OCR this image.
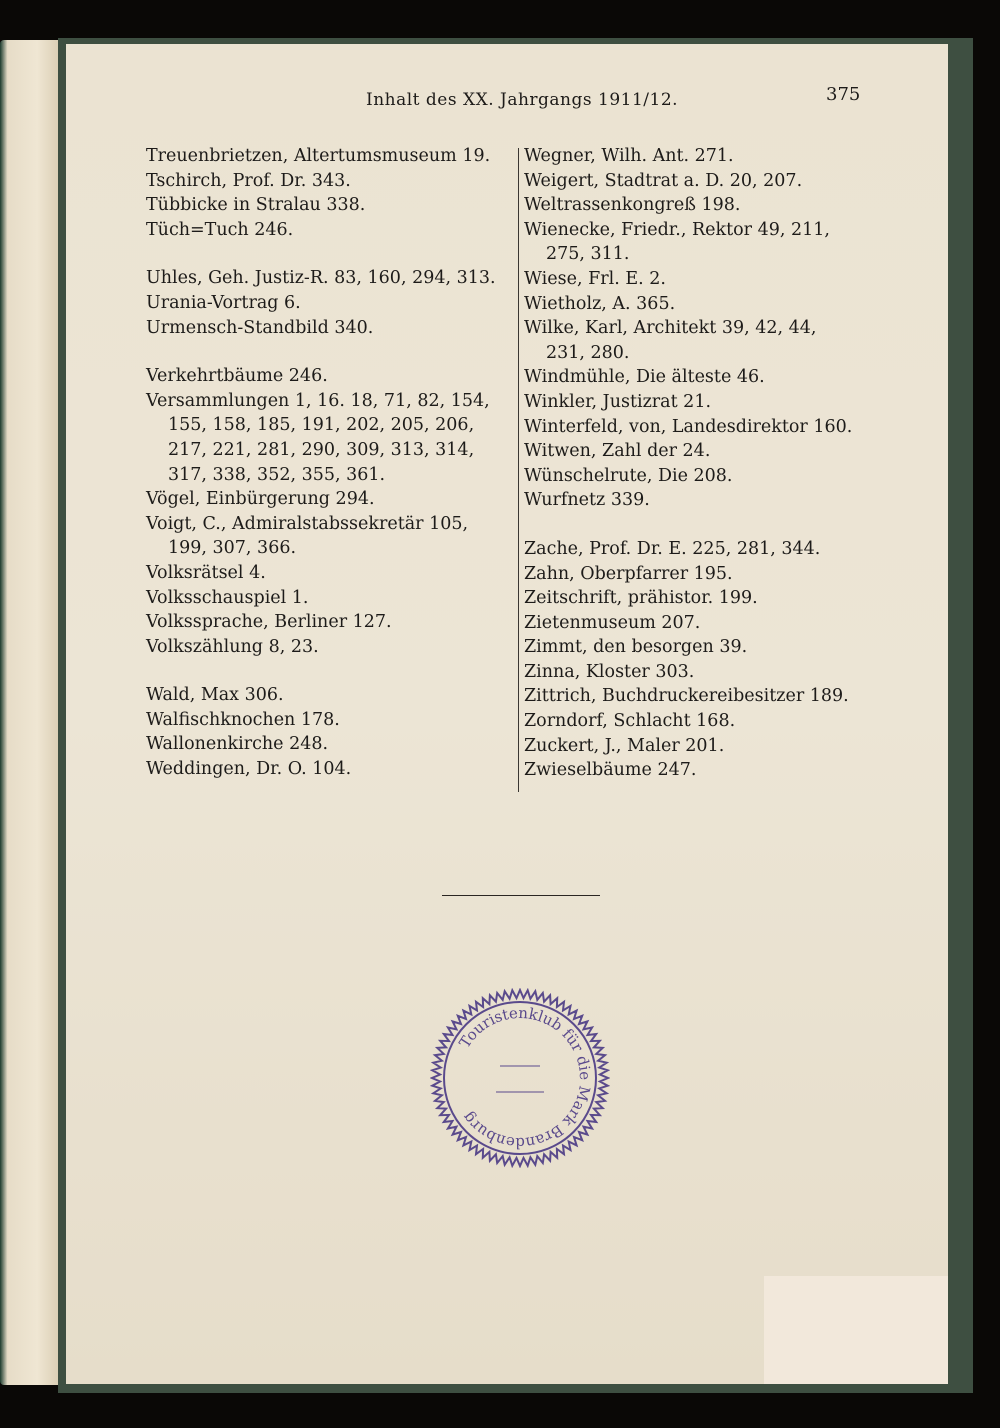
Inhalt des XX. Jahrgangs 1911/12.	375
Treuenbrietzen, Altertumsmuseum 19.
Tschirch, Prof. Dr. 343.
Tübbicke in Stralau 338.
Tüch=Tuch 246.
Uhles, Geh. Justiz-R. 83, 160, 294, 313.
Urania-Vortrag 6.
Urmensch-Standbild 340.
Verkehrtbäume 246.
Versammlungen 1, 16. 18, 71, 82, 154,
155, 158, 185, 191, 202, 205, 206,
217, 221, 281, 290, 309, 313, 314,
317, 338, 352, 355, 361.
Vögel, Einbürgerung 294.
Voigt, C., Admiralstabssekretär 105,
199, 307, 366.
Volksrätsel 4.
Volksschauspiel 1.
Volkssprache, Berliner 127.
Volkszählung 8, 23.
Wald, Max 306.
Walfischknochen 178.
Wallonenkirche 248.
Weddingen, Dr. O. 104.
Wegner, Wilh. Ant. 271.
Weigert, Stadtrat a. D. 20, 207.
Weltrassenkongreß 198.
Wienecke, Friedr., Rektor 49, 211,
275, 311.
Wiese, Frl. E. 2.
Wietholz, A. 365.
Wilke, Karl, Architekt 39, 42, 44,
231, 280.
Windmühle, Die älteste 46.
Winkler, Justizrat 21.
Winterfeld, von, Landesdirektor 160.
Witwen, Zahl der 24.
Wünschelrute, Die 208.
Wurfnetz 339.
Zache, Prof. Dr. E. 225, 281, 344.
Zahn, Oberpfarrer 195.
Zeitschrift, prähistor. 199.
Zietenmuseum 207.
Zimmt, den besorgen 39.
Zinna, Kloster 303.
Zittrich, Buchdruckereibesitzer 189.
Zorndorf, Schlacht 168.
Zuckert, J., Maler 201.
Zwieselbäume 247.
Touristenklub für die Mark Brandenburg
